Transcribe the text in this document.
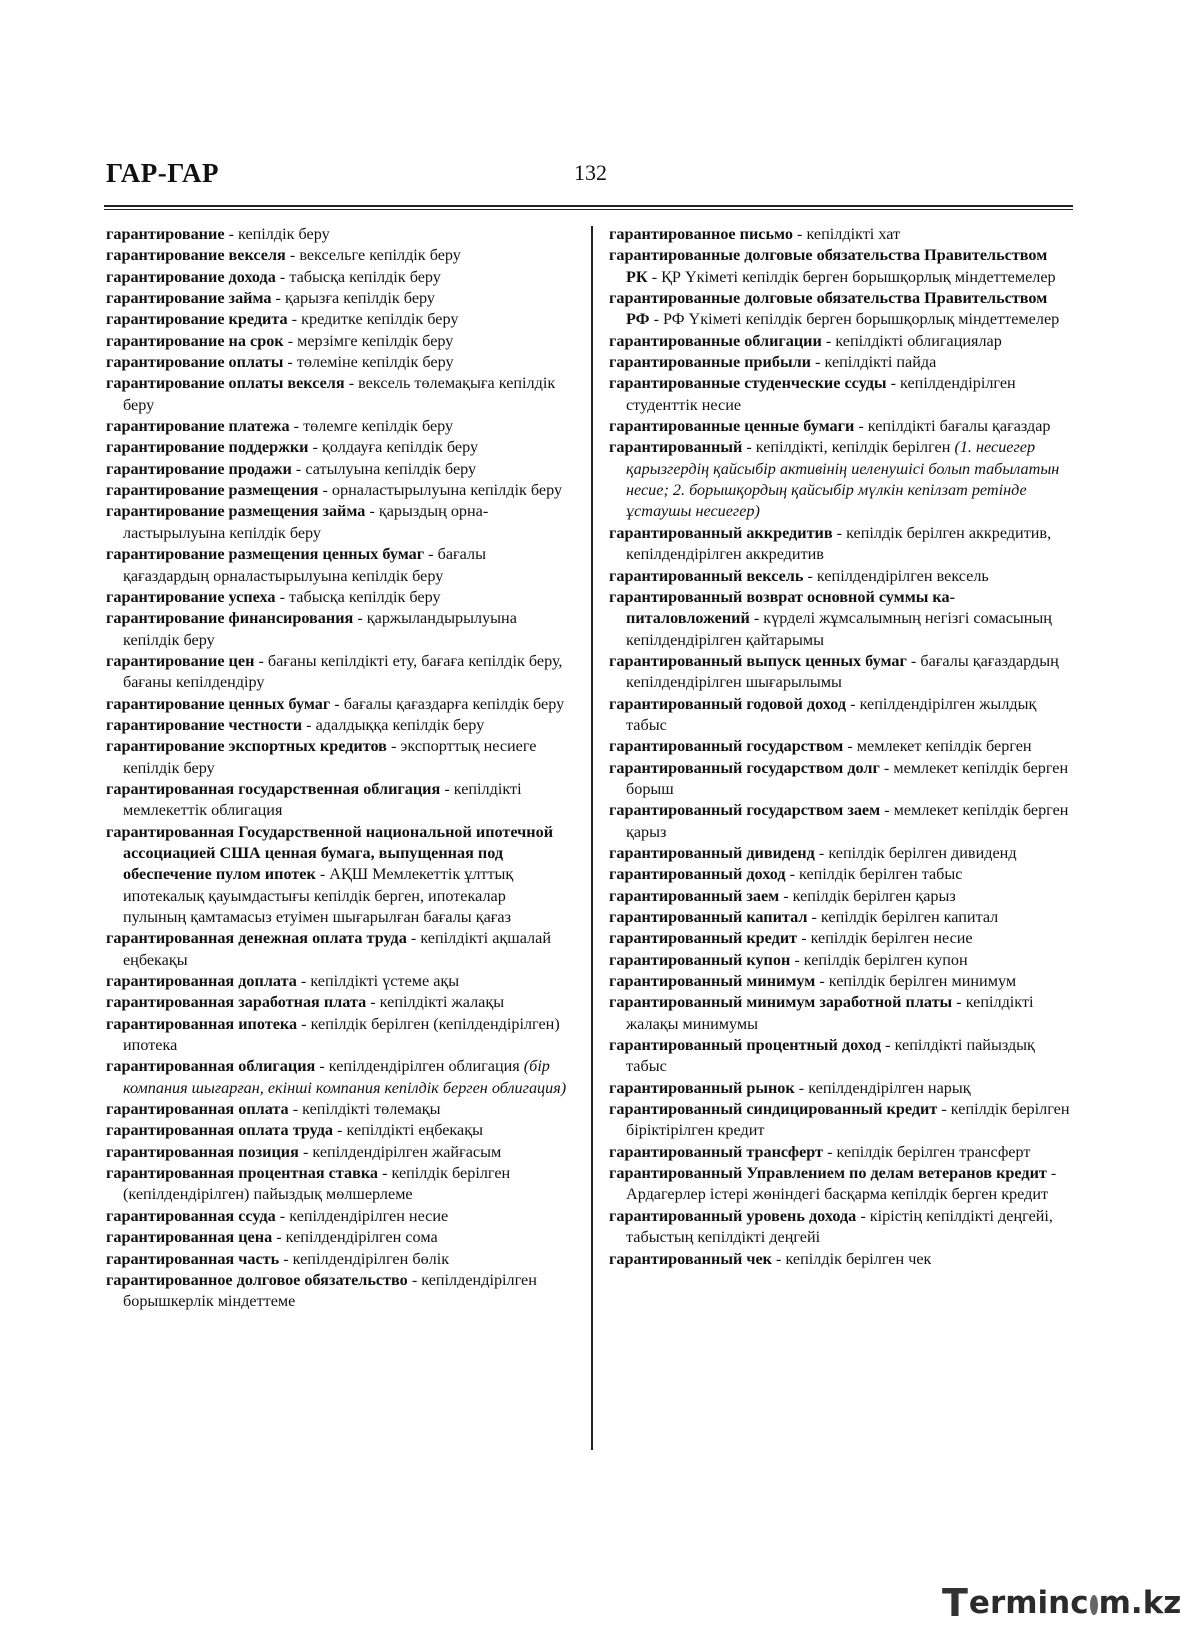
ГАР-ГАР	132

гарантирование - кепілдік беру

гарантирование векселя - вексельге кепілдік беру

гарантирование дохода - табысқа кепілдік беру

гарантирование займа - қарызға кепілдік беру

гарантирование кредита - кредитке кепілдік беру

гарантирование на срок - мерзімге кепілдік беру

гарантирование оплаты - төлеміне кепілдік беру

гарантирование оплаты векселя - вексель төлемақыға кепілдік беру

гарантирование платежа - төлемге кепілдік беру

гарантирование поддержки - қолдауға кепілдік беру

гарантирование продажи - сатылуына кепілдік беру

гарантирование размещения - орналастырылуына кепілдік беру

гарантирование размещения займа - қарыздың орналастырылуына кепілдік беру

гарантирование размещения ценных бумаг - бағалы қағаздардың орналастырылуына кепілдік беру

гарантирование успеха - табысқа кепілдік беру

гарантирование финансирования - қаржыландырылуына кепілдік беру

гарантирование цен - бағаны кепілдікті ету, бағаға кепілдік беру, бағаны кепілдендіру

гарантирование ценных бумаг - бағалы қағаздарға кепілдік беру

гарантирование честности - адалдыққа кепілдік беру

гарантирование экспортных кредитов - экспорттық несиеге кепілдік беру

гарантированная государственная облигация - кепілдікті мемлекеттік облигация

гарантированная Государственной национальной ипотечной ассоциацией США ценная бумага, выпущенная под обеспечение пулом ипотек - АҚШ Мемлекеттік ұлттық ипотекалық қауымдастығы кепілдік берген, ипотекалар пулының қамтамасыз етуімен шығарылған бағалы қағаз

гарантированная денежная оплата труда - кепілдікті ақшалай еңбекақы

гарантированная доплата - кепілдікті үстеме ақы

гарантированная заработная плата - кепілдікті жалақы

гарантированная ипотека - кепілдік берілген (кепілдендірілген) ипотека

гарантированная облигация - кепілдендірілген облигация (бір компания шығарған, екінші компания кепілдік берген облигация)

гарантированная оплата - кепілдікті төлемақы

гарантированная оплата труда - кепілдікті еңбекақы

гарантированная позиция - кепілдендірілген жайғасым

гарантированная процентная ставка - кепілдік берілген (кепілдендірілген) пайыздық мөлшерлеме

гарантированная ссуда - кепілдендірілген несие

гарантированная цена - кепілдендірілген сома

гарантированная часть - кепілдендірілген бөлік

гарантированное долговое обязательство - кепілдендірілген борышкерлік міндеттеме

гарантированное письмо - кепілдікті хат

гарантированные долговые обязательства Правительством РК - ҚР Үкіметі кепілдік берген борышқорлық міндеттемелер

гарантированные долговые обязательства Правительством РФ - РФ Үкіметі кепілдік берген борышқорлық міндеттемелер

гарантированные облигации - кепілдікті облигациялар

гарантированные прибыли - кепілдікті пайда

гарантированные студенческие ссуды - кепілдендірілген студенттік несие

гарантированные ценные бумаги - кепілдікті бағалы қағаздар

гарантированный - кепілдікті, кепілдік берілген (1. несиегер қарызгердің қайсыбір активінің иеленушісі болып табылатын несие; 2. борышқордың қайсыбір мүлкін кепілзат ретінде ұстаушы несиегер)

гарантированный аккредитив - кепілдік берілген аккредитив, кепілдендірілген аккредитив

гарантированный вексель - кепілдендірілген вексель

гарантированный возврат основной суммы капиталовложений - күрделі жұмсалымның негізгі сомасының кепілдендірілген қайтарымы

гарантированный выпуск ценных бумаг - бағалы қағаздардың кепілдендірілген шығарылымы

гарантированный годовой доход - кепілдендірілген жылдық табыс

гарантированный государством - мемлекет кепілдік берген

гарантированный государством долг - мемлекет кепілдік берген борыш

гарантированный государством заем - мемлекет кепілдік берген қарыз

гарантированный дивиденд - кепілдік берілген дивиденд

гарантированный доход - кепілдік берілген табыс

гарантированный заем - кепілдік берілген қарыз

гарантированный капитал - кепілдік берілген капитал

гарантированный кредит - кепілдік берілген несие

гарантированный купон - кепілдік берілген купон

гарантированный минимум - кепілдік берілген минимум

гарантированный минимум заработной платы - кепілдікті жалақы минимумы

гарантированный процентный доход - кепілдікті пайыздық табыс

гарантированный рынок - кепілдендірілген нарық

гарантированный синдицированный кредит - кепілдік берілген біріктірілген кредит

гарантированный трансферт - кепілдік берілген трансферт

гарантированный Управлением по делам ветеранов кредит - Ардагерлер істері жөніндегі басқарма кепілдік берген кредит

гарантированный уровень дохода - кірістің кепілдікті деңгейі, табыстың кепілдікті деңгейі

гарантированный чек - кепілдік берілген чек

T erminc m.kz
